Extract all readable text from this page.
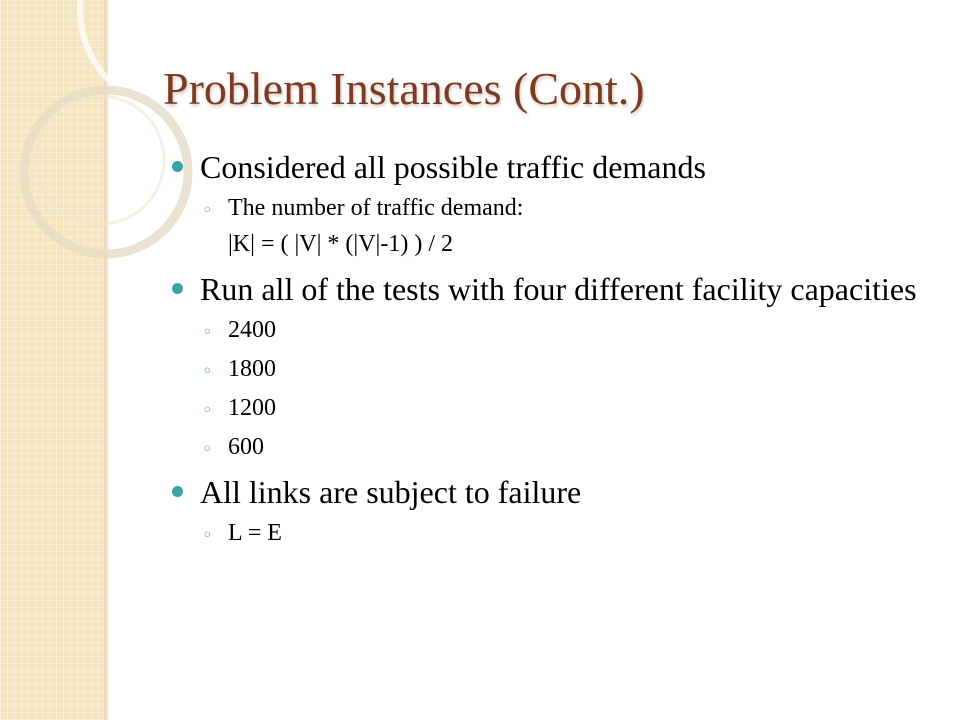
Problem Instances (Cont.)
Considered all possible traffic demands
◦ The number of traffic demand:
|K| = ( |V| * (|V|-1) ) / 2
Run all of the tests with four different facility capacities
◦ 2400
◦ 1800
◦ 1200
◦ 600
All links are subject to failure
◦ L = E
